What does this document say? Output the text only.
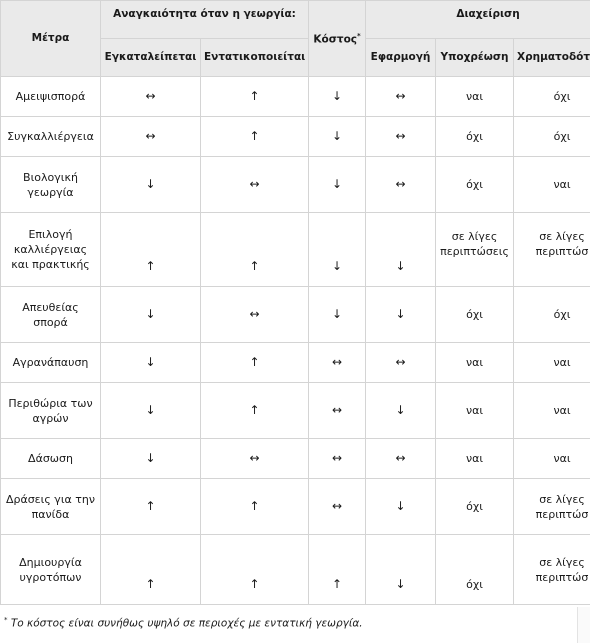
Μέτρα	Αναγκαιότητα όταν η γεωργία:		Κόστος*	Διαχείριση		
	Εγκαταλείπεται	Εντατικοποιείται		Εφαρμογή	Υποχρέωση	Χρηματοδότ
Αμειψισπορά	↔	↑	↓	↔	ναι	όχι
Συγκαλλιέργεια	↔	↑	↓	↔	όχι	όχι
Βιολογική γεωργία	↓	↔	↓	↔	όχι	ναι
Επιλογή καλλιέργειας και πρακτικής	↑	↑	↓	↓	σε λίγες περιπτώσεις	σε λίγες περιπτώσ
Απευθείας σπορά	↓	↔	↓	↓	όχι	όχι
Αγρανάπαυση	↓	↑	↔	↔	ναι	ναι
Περιθώρια των αγρών	↓	↑	↔	↓	ναι	ναι
Δάσωση	↓	↔	↔	↔	ναι	ναι
Δράσεις για την πανίδα	↑	↑	↔	↓	όχι	σε λίγες περιπτώσ
Δημιουργία υγροτόπων	↑	↑	↑	↓	όχι	σε λίγες περιπτώσ
* Το κόστος είναι συνήθως υψηλό σε περιοχές με εντατική γεωργία.
